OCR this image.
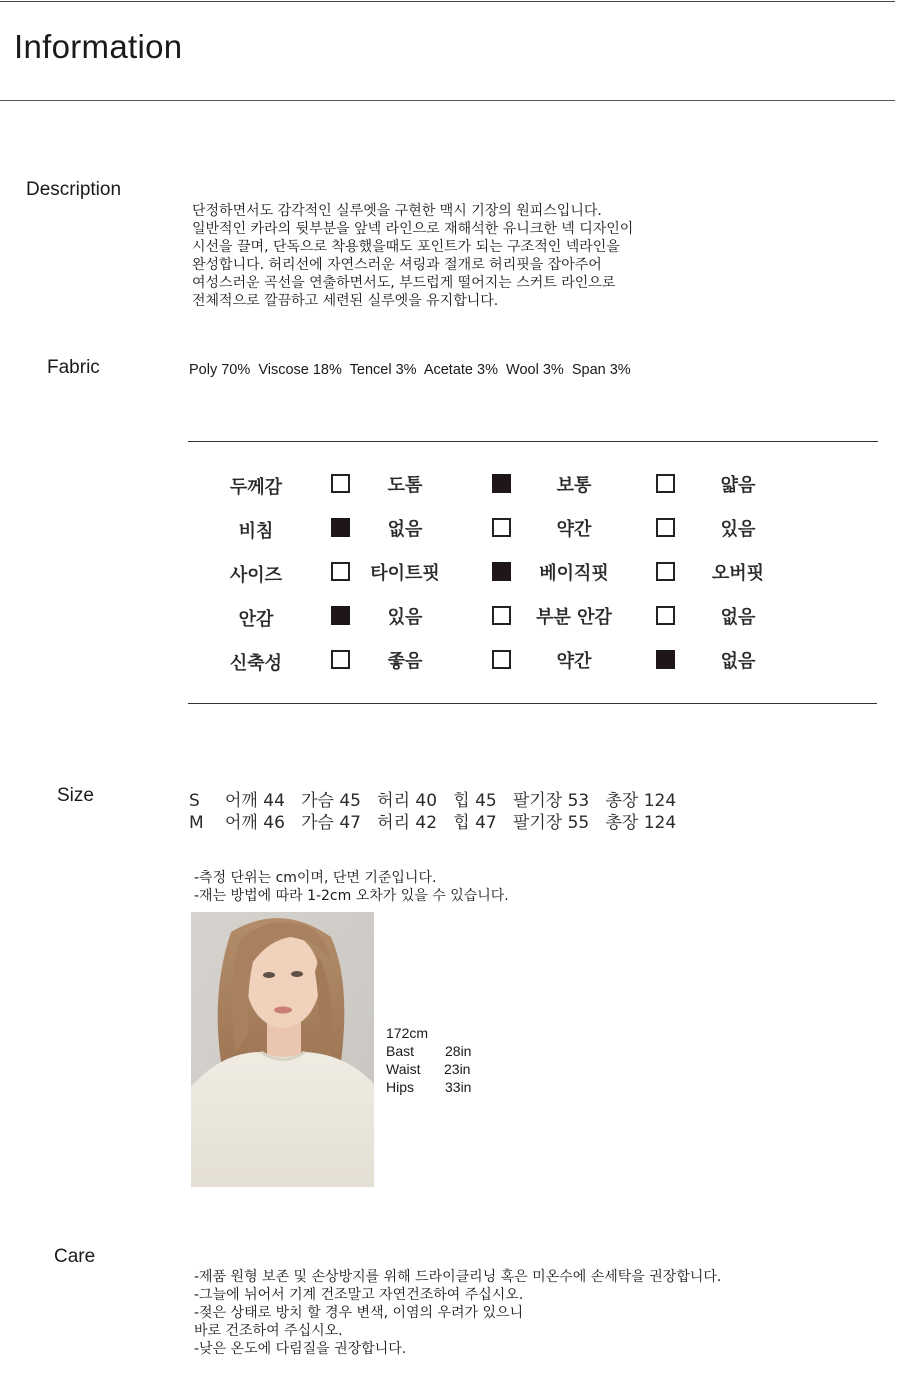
Information
Description

단정하면서도 감각적인 실루엣을 구현한 맥시 기장의 원피스입니다.
일반적인 카라의 뒷부분을 앞넥 라인으로 재해석한 유니크한 넥 디자인이
시선을 끌며, 단독으로 착용했을때도 포인트가 되는 구조적인 넥라인을
완성합니다. 허리선에 자연스러운 셔링과 절개로 허리핏을 잡아주어
여성스러운 곡선을 연출하면서도, 부드럽게 떨어지는 스커트 라인으로
전체적으로 깔끔하고 세련된 실루엣을 유지합니다.

Fabric	Poly 70%  Viscose 18%  Tencel 3%  Acetate 3%  Wool 3%  Span 3%
두께감	도톰	보통	얇음
비침	없음	약간	있음
사이즈	타이트핏	베이직핏	오버핏
안감	있음	부분 안감	없음
신축성	좋음	약간	없음
Size	S 어깨 44   가슴 45   허리 40   힙 45   팔기장 53   총장 124
M 어깨 46   가슴 47   허리 42   힙 47   팔기장 55   총장 124

-측정 단위는 cm이며, 단면 기준입니다.
-재는 방법에 따라 1-2cm 오차가 있을 수 있습니다.

172cm
Bast 28in
Waist 23in
Hips 33in
Care

-제품 원형 보존 및 손상방지를 위해 드라이클리닝 혹은 미온수에 손세탁을 권장합니다.
-그늘에 뉘어서 기계 건조말고 자연건조하여 주십시오.
-젖은 상태로 방치 할 경우 변색, 이염의 우려가 있으니
바로 건조하여 주십시오.
-낮은 온도에 다림질을 권장합니다.
